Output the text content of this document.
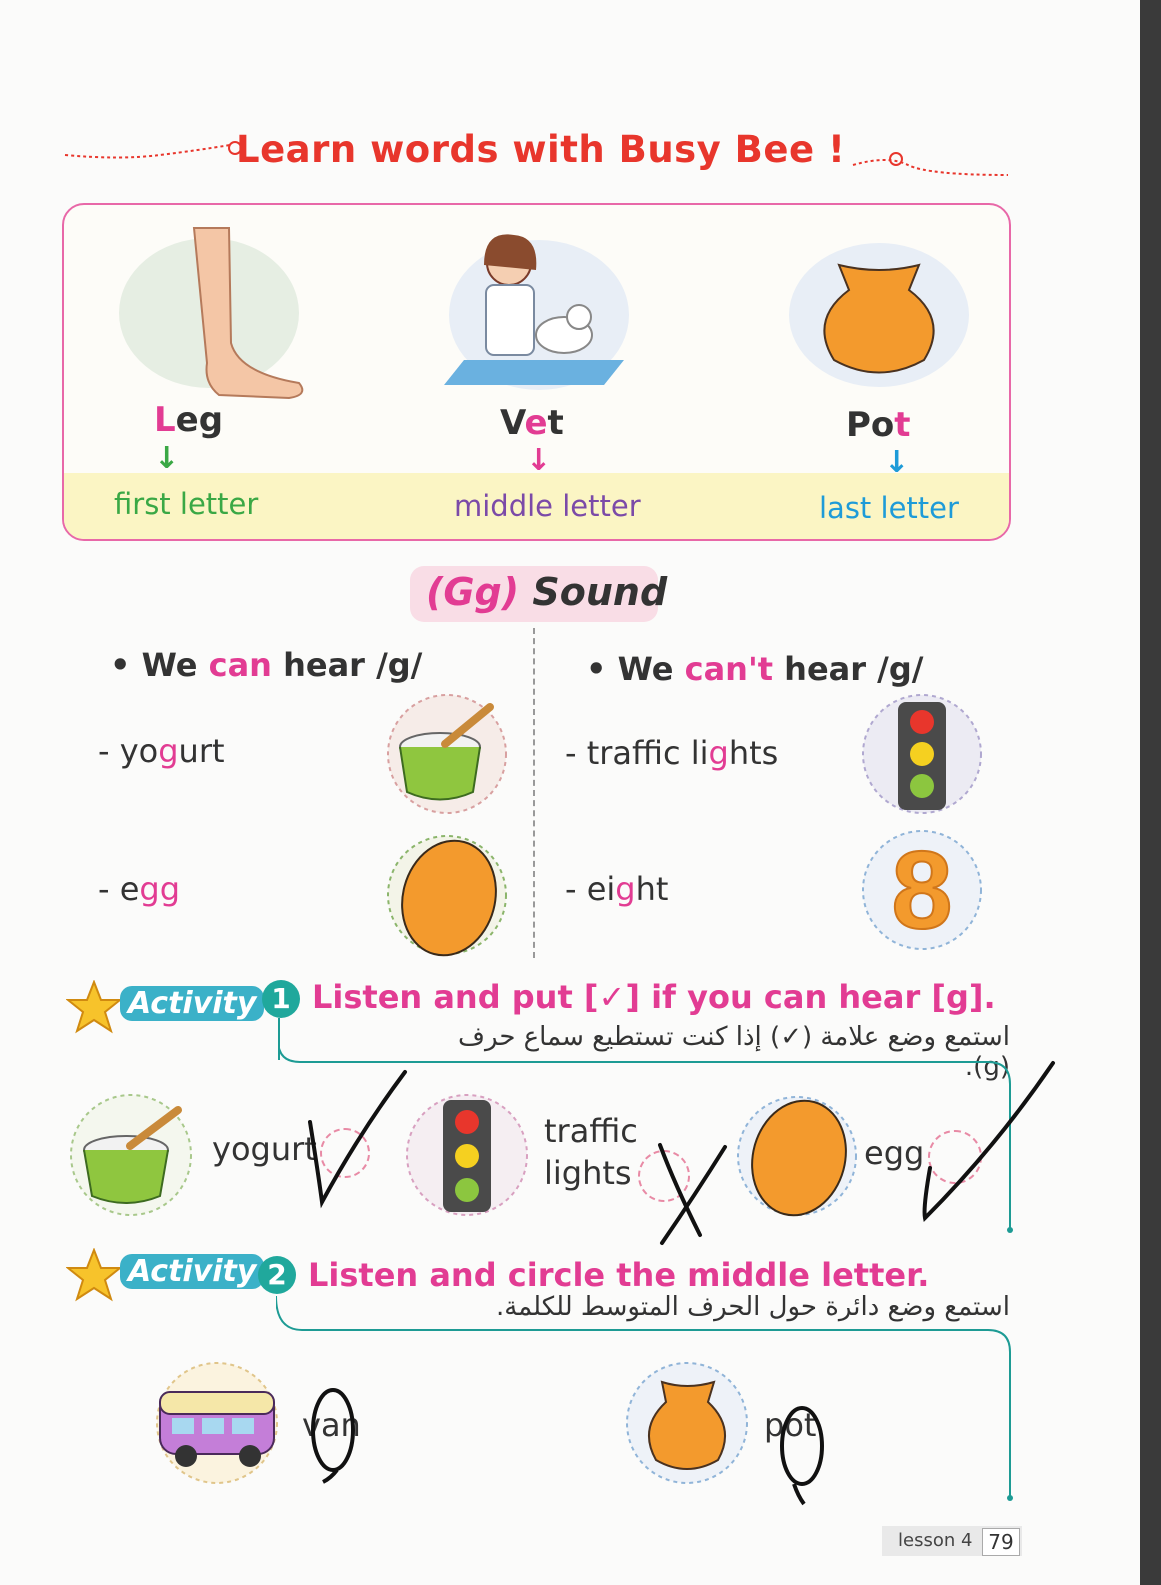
Learn words with Busy Bee !
Leg
↓
first letter
Vet
↓
middle letter
Pot
↓
last letter
(Gg) Sound
• We can hear /g/
- yogurt
- egg
• We can't hear /g/
- traffic lights
- eight 8
Activity 1 Listen and put [✓] if you can hear [g].
استمع وضع علامة (✓) إذا كنت تستطيع سماع حرف (g).
yogurt	traffic
lights
egg
Activity 2 Listen and circle the middle letter.
استمع وضع دائرة حول الحرف المتوسط للكلمة.
van	pot
lesson 4 79
